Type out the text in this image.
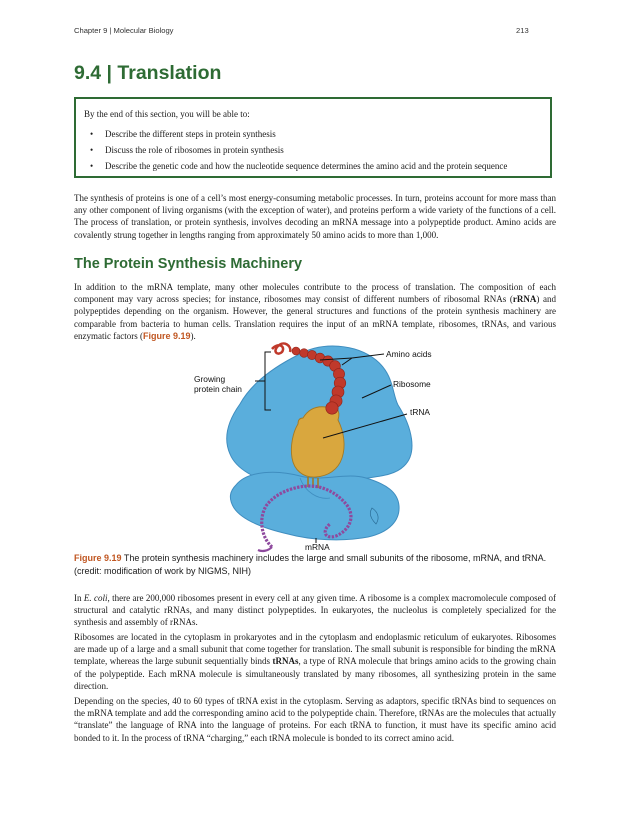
Chapter 9 | Molecular Biology	213
9.4 | Translation
By the end of this section, you will be able to:
• Describe the different steps in protein synthesis
• Discuss the role of ribosomes in protein synthesis
• Describe the genetic code and how the nucleotide sequence determines the amino acid and the protein sequence

The synthesis of proteins is one of a cell’s most energy-consuming metabolic processes. In turn, proteins account for more mass than any other component of living organisms (with the exception of water), and proteins perform a wide variety of the functions of a cell. The process of translation, or protein synthesis, involves decoding an mRNA message into a polypeptide product. Amino acids are covalently strung together in lengths ranging from approximately 50 amino acids to more than 1,000.

The Protein Synthesis Machinery

In addition to the mRNA template, many other molecules contribute to the process of translation. The composition of each component may vary across species; for instance, ribosomes may consist of different numbers of ribosomal RNAs (rRNA) and polypeptides depending on the organism. However, the general structures and functions of the protein synthesis machinery are comparable from bacteria to human cells. Translation requires the input of an mRNA template, ribosomes, tRNAs, and various enzymatic factors (Figure 9.19).

Amino acids
Growing
protein chain	Ribosome
tRNA
mRNA
Figure 9.19 The protein synthesis machinery includes the large and small subunits of the ribosome, mRNA, and tRNA. (credit: modification of work by NIGMS, NIH)

In E. coli, there are 200,000 ribosomes present in every cell at any given time. A ribosome is a complex macromolecule composed of structural and catalytic rRNAs, and many distinct polypeptides. In eukaryotes, the nucleolus is completely specialized for the synthesis and assembly of rRNAs.

Ribosomes are located in the cytoplasm in prokaryotes and in the cytoplasm and endoplasmic reticulum of eukaryotes. Ribosomes are made up of a large and a small subunit that come together for translation. The small subunit is responsible for binding the mRNA template, whereas the large subunit sequentially binds tRNAs, a type of RNA molecule that brings amino acids to the growing chain of the polypeptide. Each mRNA molecule is simultaneously translated by many ribosomes, all synthesizing protein in the same direction.

Depending on the species, 40 to 60 types of tRNA exist in the cytoplasm. Serving as adaptors, specific tRNAs bind to sequences on the mRNA template and add the corresponding amino acid to the polypeptide chain. Therefore, tRNAs are the molecules that actually “translate” the language of RNA into the language of proteins. For each tRNA to function, it must have its specific amino acid bonded to it. In the process of tRNA “charging,” each tRNA molecule is bonded to its correct amino acid.
